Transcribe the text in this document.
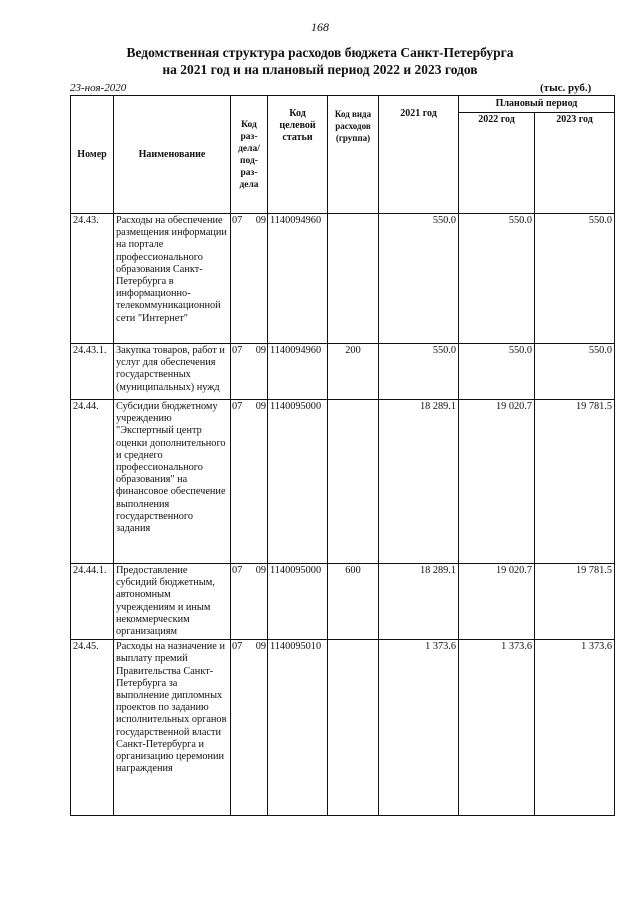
168
Ведомственная структура расходов бюджета Санкт-Петербурга
на 2021 год и на плановый период 2022 и 2023 годов
23-ноя-2020	(тыс. руб.)
Номер	Наименование	Код раз- дела/ под- раз- дела	Код целевой статьи	Код вида расходов (группа)	2021 год	Плановый период	
						2022 год	2023 год
24.43.	Расходы на обеспечение размещения информации на портале профессионального образования Санкт-Петербурга в информационно-телекоммуникационной сети "Интернет"	07 09	1140094960		550.0	550.0	550.0
24.43.1.	Закупка товаров, работ и услуг для обеспечения государственных (муниципальных) нужд	07 09	1140094960	200	550.0	550.0	550.0
24.44.	Субсидии бюджетному учреждению "Экспертный центр оценки дополнительного и среднего профессионального образования" на финансовое обеспечение выполнения государственного задания	07 09	1140095000		18 289.1	19 020.7	19 781.5
24.44.1.	Предоставление субсидий бюджетным, автономным учреждениям и иным некоммерческим организациям	07 09	1140095000	600	18 289.1	19 020.7	19 781.5
24.45.	Расходы на назначение и выплату премий Правительства Санкт-Петербурга за выполнение дипломных проектов по заданию исполнительных органов государственной власти Санкт-Петербурга и организацию церемонии награждения	07 09	1140095010		1 373.6	1 373.6	1 373.6
